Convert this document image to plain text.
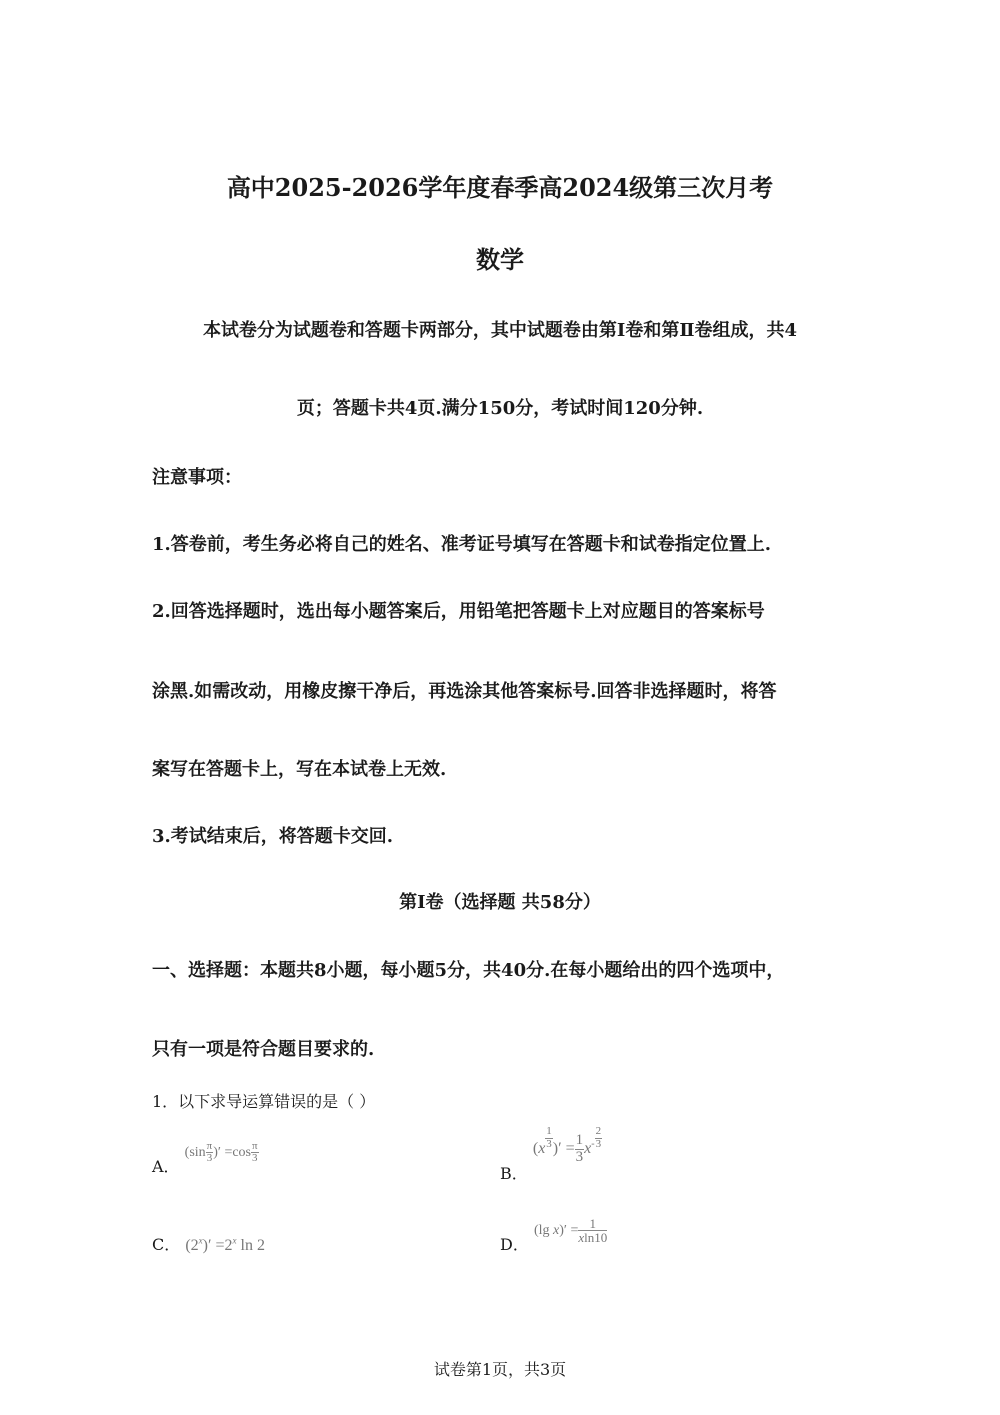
高中2025-2026学年度春季高2024级第三次月考
数学
本试卷分为试题卷和答题卡两部分，其中试题卷由第Ⅰ卷和第Ⅱ卷组成，共4
页；答题卡共4页.满分150分，考试时间120分钟.
注意事项：
1.答卷前，考生务必将自己的姓名、准考证号填写在答题卡和试卷指定位置上.
2.回答选择题时，选出每小题答案后，用铅笔把答题卡上对应题目的答案标号
涂黑.如需改动，用橡皮擦干净后，再选涂其他答案标号.回答非选择题时，将答
案写在答题卡上，写在本试卷上无效.
3.考试结束后，将答题卡交回.
第Ⅰ卷（选择题 共58分）
一、选择题：本题共8小题，每小题5分，共40分.在每小题给出的四个选项中，
只有一项是符合题目要求的.
1．以下求导运算错误的是（ ）
A． ($\sin \frac{\pi}{3}$ )′ $=\cos \frac{\pi}{3}$
B． ($x \frac{1}{3}$ )′ = $\frac{1}{3} x^- \frac{2}{3}$
C． $(2^x)' =2^x$ ln 2	D． (lg $x)' = \frac{1}{xln10}$
试卷第1页，共3页
